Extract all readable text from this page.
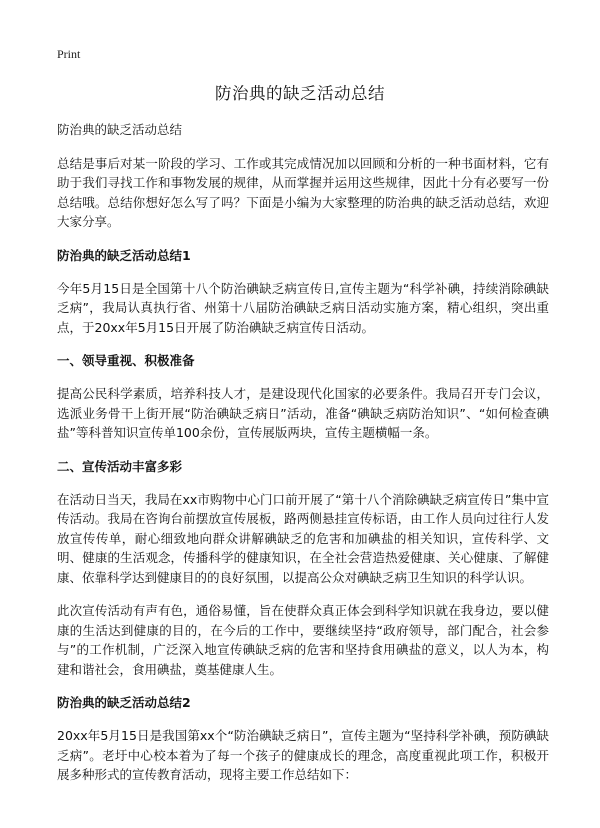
Print
防治典的缺乏活动总结

防治典的缺乏活动总结

总结是事后对某一阶段的学习、工作或其完成情况加以回顾和分析的一种书面材料，它有助于我们寻找工作和事物发展的规律，从而掌握并运用这些规律，因此十分有必要写一份总结哦。总结你想好怎么写了吗？下面是小编为大家整理的防治典的缺乏活动总结，欢迎大家分享。

防治典的缺乏活动总结1

今年5月15日是全国第十八个防治碘缺乏病宣传日,宣传主题为“科学补碘，持续消除碘缺乏病”，我局认真执行省、州第十八届防治碘缺乏病日活动实施方案，精心组织，突出重点，于20xx年5月15日开展了防治碘缺乏病宣传日活动。

一、领导重视、积极准备

提高公民科学素质，培养科技人才，是建设现代化国家的必要条件。我局召开专门会议，选派业务骨干上街开展“防治碘缺乏病日”活动，准备“碘缺乏病防治知识”、“如何检查碘盐”等科普知识宣传单100余份，宣传展版两块，宣传主题横幅一条。

二、宣传活动丰富多彩

在活动日当天，我局在xx市购物中心门口前开展了“第十八个消除碘缺乏病宣传日”集中宣传活动。我局在咨询台前摆放宣传展板，路两侧悬挂宣传标语，由工作人员向过往行人发放宣传传单，耐心细致地向群众讲解碘缺乏的危害和加碘盐的相关知识，宣传科学、文明、健康的生活观念，传播科学的健康知识，在全社会营造热爱健康、关心健康、了解健康、依靠科学达到健康目的的良好氛围，以提高公众对碘缺乏病卫生知识的科学认识。

此次宣传活动有声有色，通俗易懂，旨在使群众真正体会到科学知识就在我身边，要以健康的生活达到健康的目的，在今后的工作中，要继续坚持“政府领导，部门配合，社会参与”的工作机制，广泛深入地宣传碘缺乏病的危害和坚持食用碘盐的意义，以人为本，构建和谐社会，食用碘盐，奠基健康人生。

防治典的缺乏活动总结2

20xx年5月15日是我国第xx个“防治碘缺乏病日”，宣传主题为“坚持科学补碘，预防碘缺乏病”。老圩中心校本着为了每一个孩子的健康成长的理念，高度重视此项工作，积极开展多种形式的宣传教育活动，现将主要工作总结如下：
